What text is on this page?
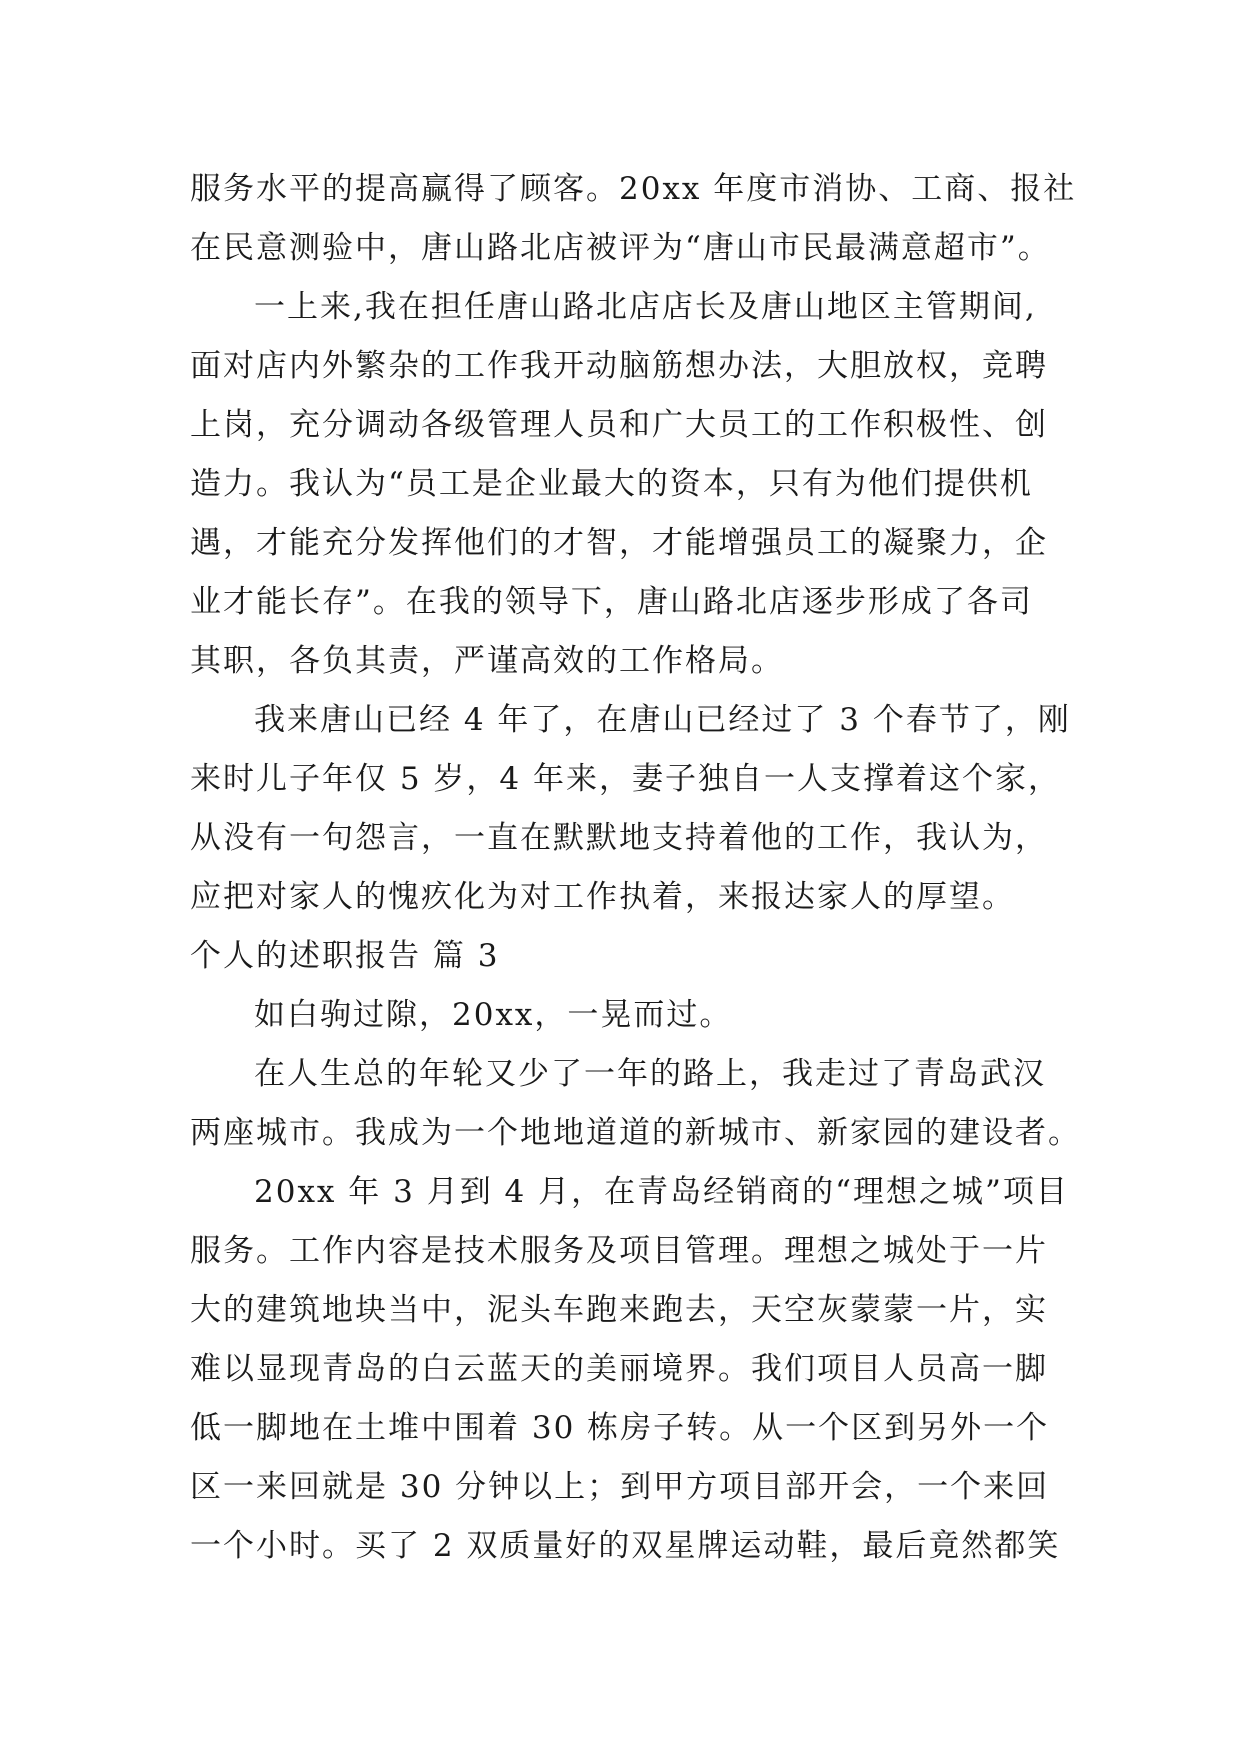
服务水平的提高赢得了顾客。20xx 年度市消协、工商、报社
在民意测验中，唐山路北店被评为“唐山市民最满意超市”。
一上来,我在担任唐山路北店店长及唐山地区主管期间,
面对店内外繁杂的工作我开动脑筋想办法，大胆放权，竞聘
上岗，充分调动各级管理人员和广大员工的工作积极性、创
造力。我认为“员工是企业最大的资本，只有为他们提供机
遇，才能充分发挥他们的才智，才能增强员工的凝聚力，企
业才能长存”。在我的领导下，唐山路北店逐步形成了各司
其职，各负其责，严谨高效的工作格局。
我来唐山已经 4 年了，在唐山已经过了 3 个春节了，刚
来时儿子年仅 5 岁，4 年来，妻子独自一人支撑着这个家，
从没有一句怨言，一直在默默地支持着他的工作，我认为，
应把对家人的愧疚化为对工作执着，来报达家人的厚望。
个人的述职报告 篇 3
如白驹过隙，20xx，一晃而过。
在人生总的年轮又少了一年的路上，我走过了青岛武汉
两座城市。我成为一个地地道道的新城市、新家园的建设者。
20xx 年 3 月到 4 月，在青岛经销商的“理想之城”项目
服务。工作内容是技术服务及项目管理。理想之城处于一片
大的建筑地块当中，泥头车跑来跑去，天空灰蒙蒙一片，实
难以显现青岛的白云蓝天的美丽境界。我们项目人员高一脚
低一脚地在土堆中围着 30 栋房子转。从一个区到另外一个
区一来回就是 30 分钟以上；到甲方项目部开会，一个来回
一个小时。买了 2 双质量好的双星牌运动鞋，最后竟然都笑
